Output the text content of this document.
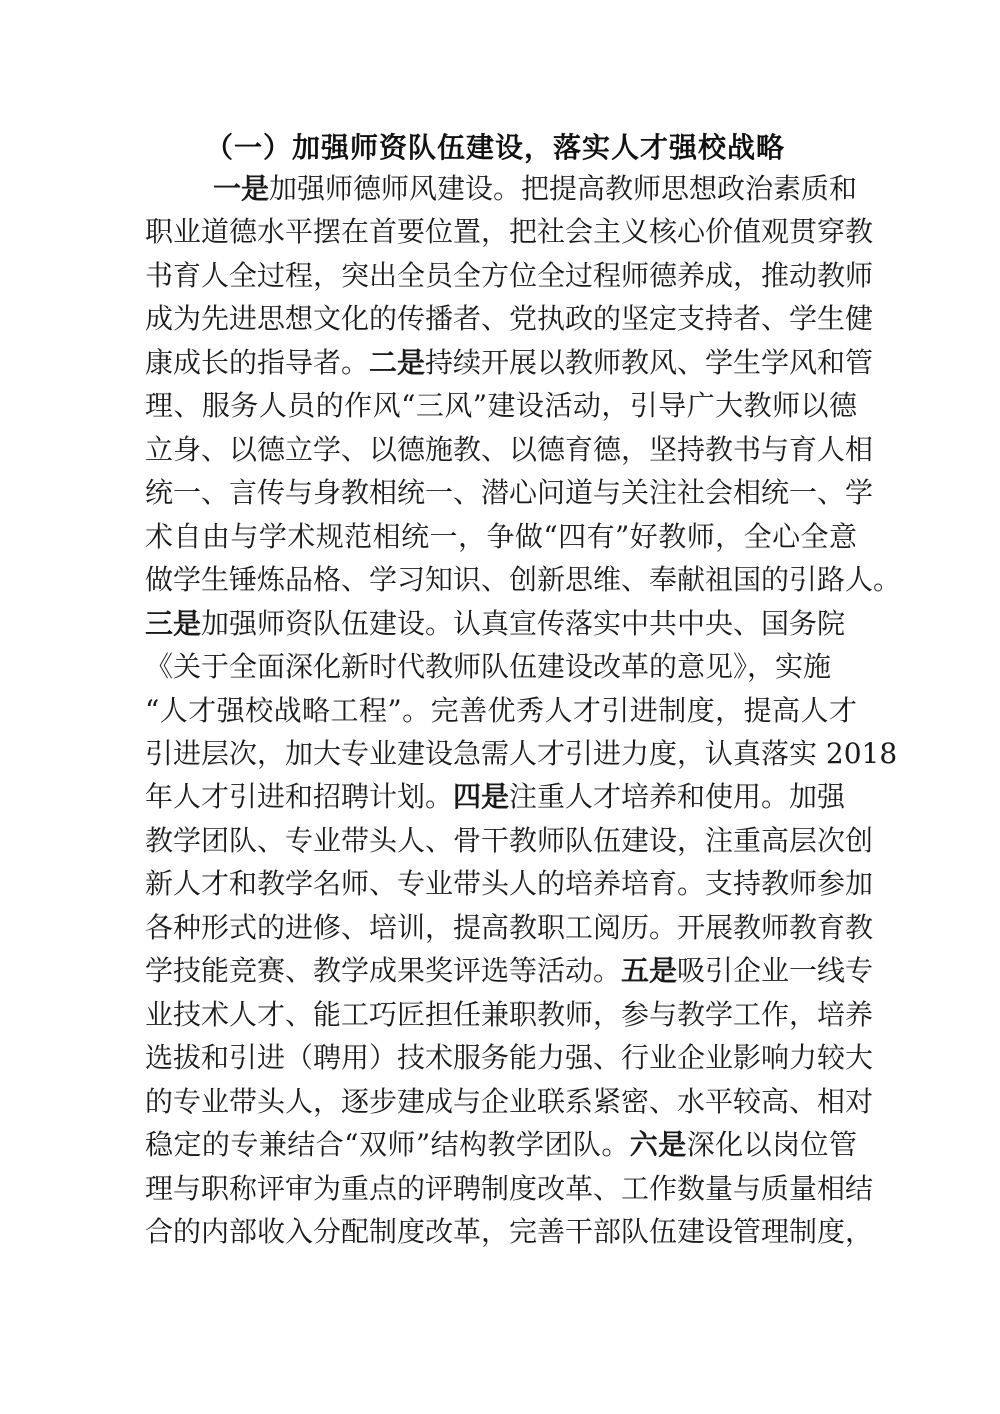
（一）加强师资队伍建设，落实人才强校战略
一是加强师德师风建设。把提高教师思想政治素质和
职业道德水平摆在首要位置，把社会主义核心价值观贯穿教
书育人全过程，突出全员全方位全过程师德养成，推动教师
成为先进思想文化的传播者、党执政的坚定支持者、学生健
康成长的指导者。二是持续开展以教师教风、学生学风和管
理、服务人员的作风“三风”建设活动，引导广大教师以德
立身、以德立学、以德施教、以德育德，坚持教书与育人相
统一、言传与身教相统一、潜心问道与关注社会相统一、学
术自由与学术规范相统一，争做“四有”好教师，全心全意
做学生锤炼品格、学习知识、创新思维、奉献祖国的引路人。
三是加强师资队伍建设。认真宣传落实中共中央、国务院
《关于全面深化新时代教师队伍建设改革的意见》，实施
“人才强校战略工程”。完善优秀人才引进制度，提高人才
引进层次，加大专业建设急需人才引进力度，认真落实 2018
年人才引进和招聘计划。四是注重人才培养和使用。加强
教学团队、专业带头人、骨干教师队伍建设，注重高层次创
新人才和教学名师、专业带头人的培养培育。支持教师参加
各种形式的进修、培训，提高教职工阅历。开展教师教育教
学技能竞赛、教学成果奖评选等活动。五是吸引企业一线专
业技术人才、能工巧匠担任兼职教师，参与教学工作，培养
选拔和引进（聘用）技术服务能力强、行业企业影响力较大
的专业带头人，逐步建成与企业联系紧密、水平较高、相对
稳定的专兼结合“双师”结构教学团队。六是深化以岗位管
理与职称评审为重点的评聘制度改革、工作数量与质量相结
合的内部收入分配制度改革，完善干部队伍建设管理制度，
